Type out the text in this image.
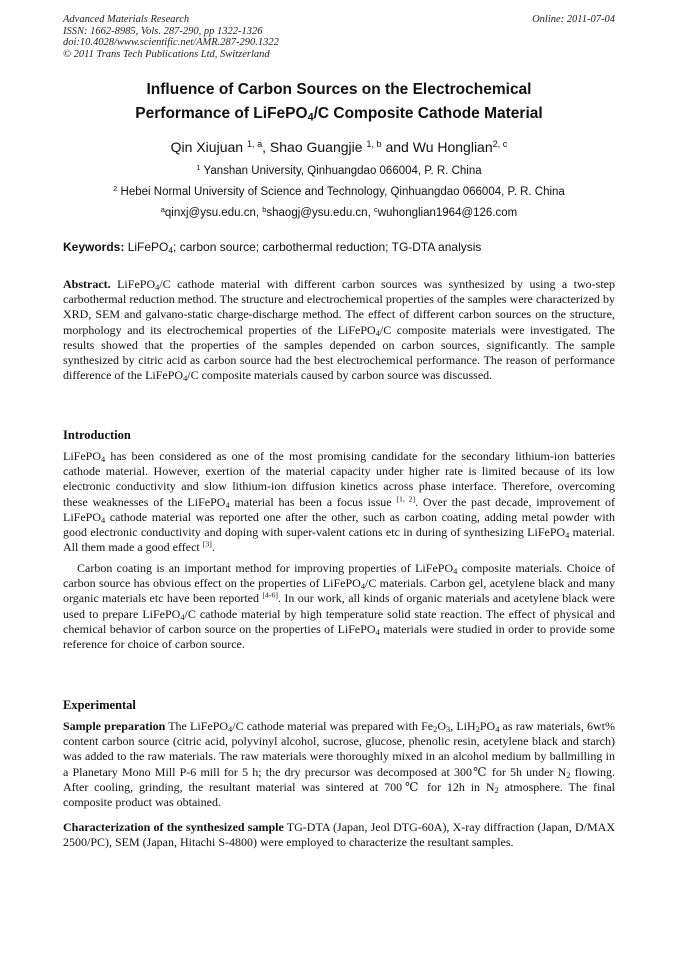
Advanced Materials Research
ISSN: 1662-8985, Vols. 287-290, pp 1322-1326
doi:10.4028/www.scientific.net/AMR.287-290.1322
© 2011 Trans Tech Publications Ltd, Switzerland
Online: 2011-07-04
Influence of Carbon Sources on the Electrochemical
Performance of LiFePO$_4$/C Composite Cathode Material
Qin Xiujuan $^{1, a}$, Shao Guangjie $^{1, b}$ and Wu Honglian$^{2, c}$
$^1$ Yanshan University, Qinhuangdao 066004, P. R. China
$^2$ Hebei Normal University of Science and Technology, Qinhuangdao 066004, P. R. China
$^a$qinxj@ysu.edu.cn, $^b$shaogj@ysu.edu.cn, $^c$wuhonglian1964@126.com
Keywords: LiFePO$_4$; carbon source; carbothermal reduction; TG-DTA analysis
Abstract. LiFePO$_4$/C cathode material with different carbon sources was synthesized by using a two-step carbothermal reduction method. The structure and electrochemical properties of the samples were characterized by XRD, SEM and galvano-static charge-discharge method. The effect of different carbon sources on the structure, morphology and its electrochemical properties of the LiFePO$_4$/C composite materials were investigated. The results showed that the properties of the samples depended on carbon sources, significantly. The sample synthesized by citric acid as carbon source had the best electrochemical performance. The reason of performance difference of the LiFePO$_4$/C composite materials caused by carbon source was discussed.
Introduction
LiFePO$_4$ has been considered as one of the most promising candidate for the secondary lithium-ion batteries cathode material. However, exertion of the material capacity under higher rate is limited because of its low electronic conductivity and slow lithium-ion diffusion kinetics across phase interface. Therefore, overcoming these weaknesses of the LiFePO$_4$ material has been a focus issue [1, 2]. Over the past decade, improvement of LiFePO$_4$ cathode material was reported one after the other, such as carbon coating, adding metal powder with good electronic conductivity and doping with super-valent cations etc in during of synthesizing LiFePO$_4$ material. All them made a good effect [3].
Carbon coating is an important method for improving properties of LiFePO$_4$ composite materials. Choice of carbon source has obvious effect on the properties of LiFePO$_4$/C materials. Carbon gel, acetylene black and many organic materials etc have been reported [4-6]. In our work, all kinds of organic materials and acetylene black were used to prepare LiFePO$_4$/C cathode material by high temperature solid state reaction. The effect of physical and chemical behavior of carbon source on the properties of LiFePO$_4$ materials were studied in order to provide some reference for choice of carbon source.
Experimental
Sample preparation The LiFePO$_4$/C cathode material was prepared with $Fe_2O_3$, $LiH_2PO_4$ as raw materials, 6wt% content carbon source (citric acid, polyvinyl alcohol, sucrose, glucose, phenolic resin, acetylene black and starch) was added to the raw materials. The raw materials were thoroughly mixed in an alcohol medium by ballmilling in a Planetary Mono Mill P-6 mill for 5 h; the dry precursor was decomposed at 300℃ for 5h under $N_2$ flowing. After cooling, grinding, the resultant material was sintered at 700℃ for 12h in $N_2$ atmosphere. The final composite product was obtained.
Characterization of the synthesized sample TG-DTA (Japan, Jeol DTG-60A), X-ray diffraction (Japan, D/MAX 2500/PC), SEM (Japan, Hitachi S-4800) were employed to characterize the resultant samples.
